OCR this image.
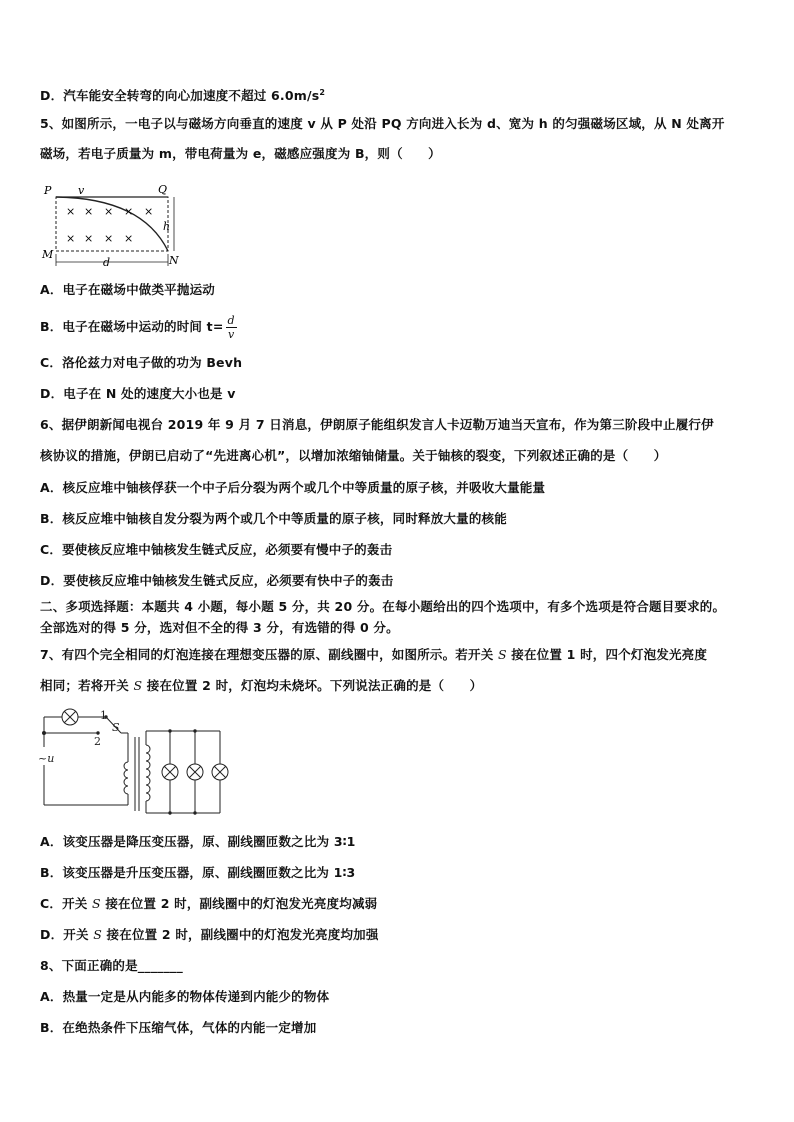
D．汽车能安全转弯的向心加速度不超过 $6.0m/s^2$
5、如图所示，一电子以与磁场方向垂直的速度 v 从 P 处沿 PQ 方向进入长为 d、宽为 h 的匀强磁场区域，从 N 处离开
磁场，若电子质量为 m，带电荷量为 e，磁感应强度为 B，则（　　）
P v	Q
M	N
h
d
× × × × ×
× × × ×
A．电子在磁场中做类平抛运动
B．电子在磁场中运动的时间 $t= \frac{d}{v}$
C．洛伦兹力对电子做的功为 Bevh
D．电子在 N 处的速度大小也是 v
6、据伊朗新闻电视台 2019 年 9 月 7 日消息，伊朗原子能组织发言人卡迈勒万迪当天宣布，作为第三阶段中止履行伊
核协议的措施，伊朗已启动了“先进离心机”，以增加浓缩铀储量。关于铀核的裂变，下列叙述正确的是（　　）
A．核反应堆中铀核俘获一个中子后分裂为两个或几个中等质量的原子核，并吸收大量能量
B．核反应堆中铀核自发分裂为两个或几个中等质量的原子核，同时释放大量的核能
C．要使核反应堆中铀核发生链式反应，必须要有慢中子的轰击
D．要使核反应堆中铀核发生链式反应，必须要有快中子的轰击
二、多项选择题：本题共 4 小题，每小题 5 分，共 20 分。在每小题给出的四个选项中，有多个选项是符合题目要求的。
全部选对的得 5 分，选对但不全的得 3 分，有选错的得 0 分。
7、有四个完全相同的灯泡连接在理想变压器的原、副线圈中，如图所示。若开关 S 接在位置 1 时，四个灯泡发光亮度
相同；若将开关 S 接在位置 2 时，灯泡均未烧坏。下列说法正确的是（　　）
1
2
S
~u
A．该变压器是降压变压器，原、副线圈匝数之比为 3∶1
B．该变压器是升压变压器，原、副线圈匝数之比为 1∶3
C．开关 S 接在位置 2 时，副线圈中的灯泡发光亮度均减弱
D．开关 S 接在位置 2 时，副线圈中的灯泡发光亮度均加强
8、下面正确的是_______
A．热量一定是从内能多的物体传递到内能少的物体
B．在绝热条件下压缩气体，气体的内能一定增加
